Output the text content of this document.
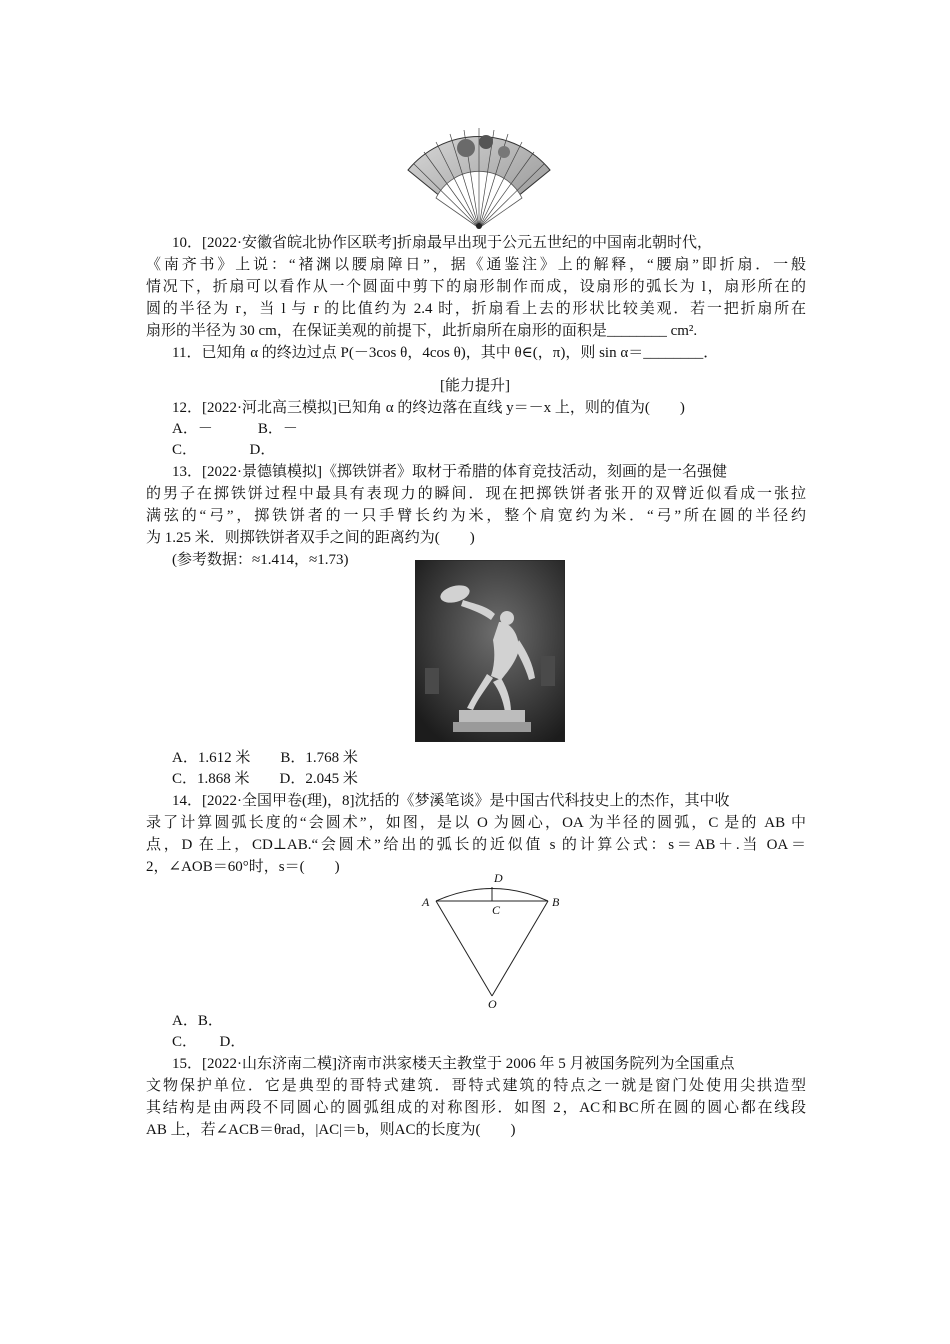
10．[2022·安徽省皖北协作区联考]折扇最早出现于公元五世纪的中国南北朝时代，
《南齐书》上说：“褚渊以腰扇障日”，据《通鉴注》上的解释，“腰扇”即折扇．一般
情况下，折扇可以看作从一个圆面中剪下的扇形制作而成，设扇形的弧长为 l，扇形所在的
圆的半径为 r，当 l 与 r 的比值约为 2.4 时，折扇看上去的形状比较美观．若一把折扇所在
扇形的半径为 30 cm，在保证美观的前提下，此折扇所在扇形的面积是________ cm².
11．已知角 α 的终边过点 P(－3cos θ，4cos θ)，其中 θ∈(，π)，则 sin α＝________．
[能力提升]
12．[2022·河北高三模拟]已知角 α 的终边落在直线 y＝－x 上，则的值为(　　)
A．－　　　B．－
C．　　　　D．
13．[2022·景德镇模拟]《掷铁饼者》取材于希腊的体育竞技活动，刻画的是一名强健
的男子在掷铁饼过程中最具有表现力的瞬间．现在把掷铁饼者张开的双臂近似看成一张拉
满弦的“弓”，掷铁饼者的一只手臂长约为米，整个肩宽约为米．“弓”所在圆的半径约
为 1.25 米．则掷铁饼者双手之间的距离约为(　　)
(参考数据：≈1.414，≈1.73)
A．1.612 米　　B．1.768 米
C．1.868 米　　D．2.045 米
14．[2022·全国甲卷(理)，8]沈括的《梦溪笔谈》是中国古代科技史上的杰作，其中收
录了计算圆弧长度的“会圆术”，如图，是以 O 为圆心，OA 为半径的圆弧，C 是的 AB 中
点，D 在上，CD⊥AB.“会圆术”给出的弧长的近似值 s 的计算公式：s＝AB＋.当 OA＝
2，∠AOB＝60°时，s＝(　　)
A	B
C
D
O
A．B．
C．　　D．
15．[2022·山东济南二模]济南市洪家楼天主教堂于 2006 年 5 月被国务院列为全国重点
文物保护单位．它是典型的哥特式建筑．哥特式建筑的特点之一就是窗门处使用尖拱造型
其结构是由两段不同圆心的圆弧组成的对称图形．如图 2，AC和BC所在圆的圆心都在线段
AB 上，若∠ACB＝θrad，|AC|＝b，则AC的长度为(　　)
